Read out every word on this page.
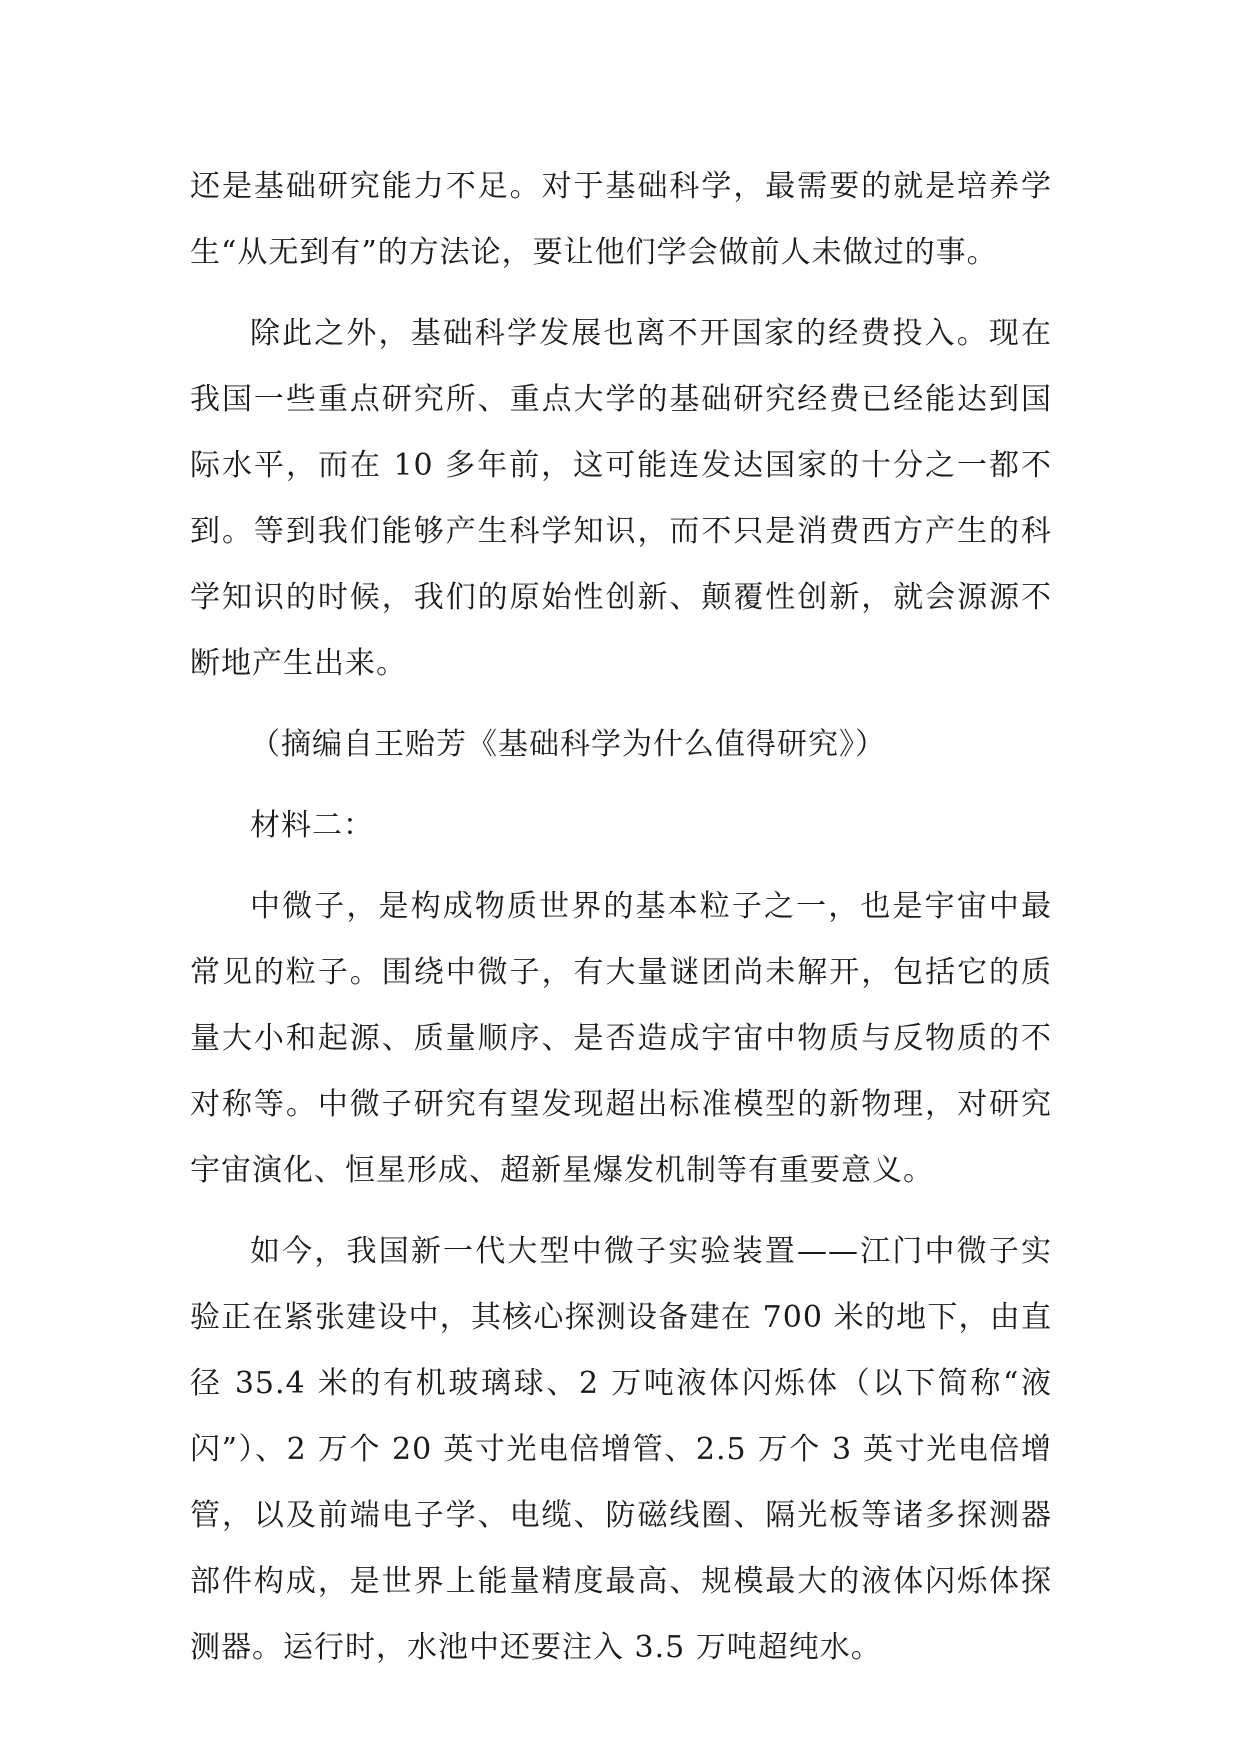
还是基础研究能力不足。对于基础科学，最需要的就是培养学生“从无到有”的方法论，要让他们学会做前人未做过的事。

除此之外，基础科学发展也离不开国家的经费投入。现在我国一些重点研究所、重点大学的基础研究经费已经能达到国际水平，而在 10 多年前，这可能连发达国家的十分之一都不到。等到我们能够产生科学知识，而不只是消费西方产生的科学知识的时候，我们的原始性创新、颠覆性创新，就会源源不断地产生出来。

（摘编自王贻芳《基础科学为什么值得研究》）

材料二：

中微子，是构成物质世界的基本粒子之一，也是宇宙中最常见的粒子。围绕中微子，有大量谜团尚未解开，包括它的质量大小和起源、质量顺序、是否造成宇宙中物质与反物质的不对称等。中微子研究有望发现超出标准模型的新物理，对研究宇宙演化、恒星形成、超新星爆发机制等有重要意义。

如今，我国新一代大型中微子实验装置——江门中微子实验正在紧张建设中，其核心探测设备建在 700 米的地下，由直径 35.4 米的有机玻璃球、2 万吨液体闪烁体（以下简称“液闪”）、2 万个 20 英寸光电倍增管、2.5 万个 3 英寸光电倍增管，以及前端电子学、电缆、防磁线圈、隔光板等诸多探测器部件构成，是世界上能量精度最高、规模最大的液体闪烁体探测器。运行时，水池中还要注入 3.5 万吨超纯水。
